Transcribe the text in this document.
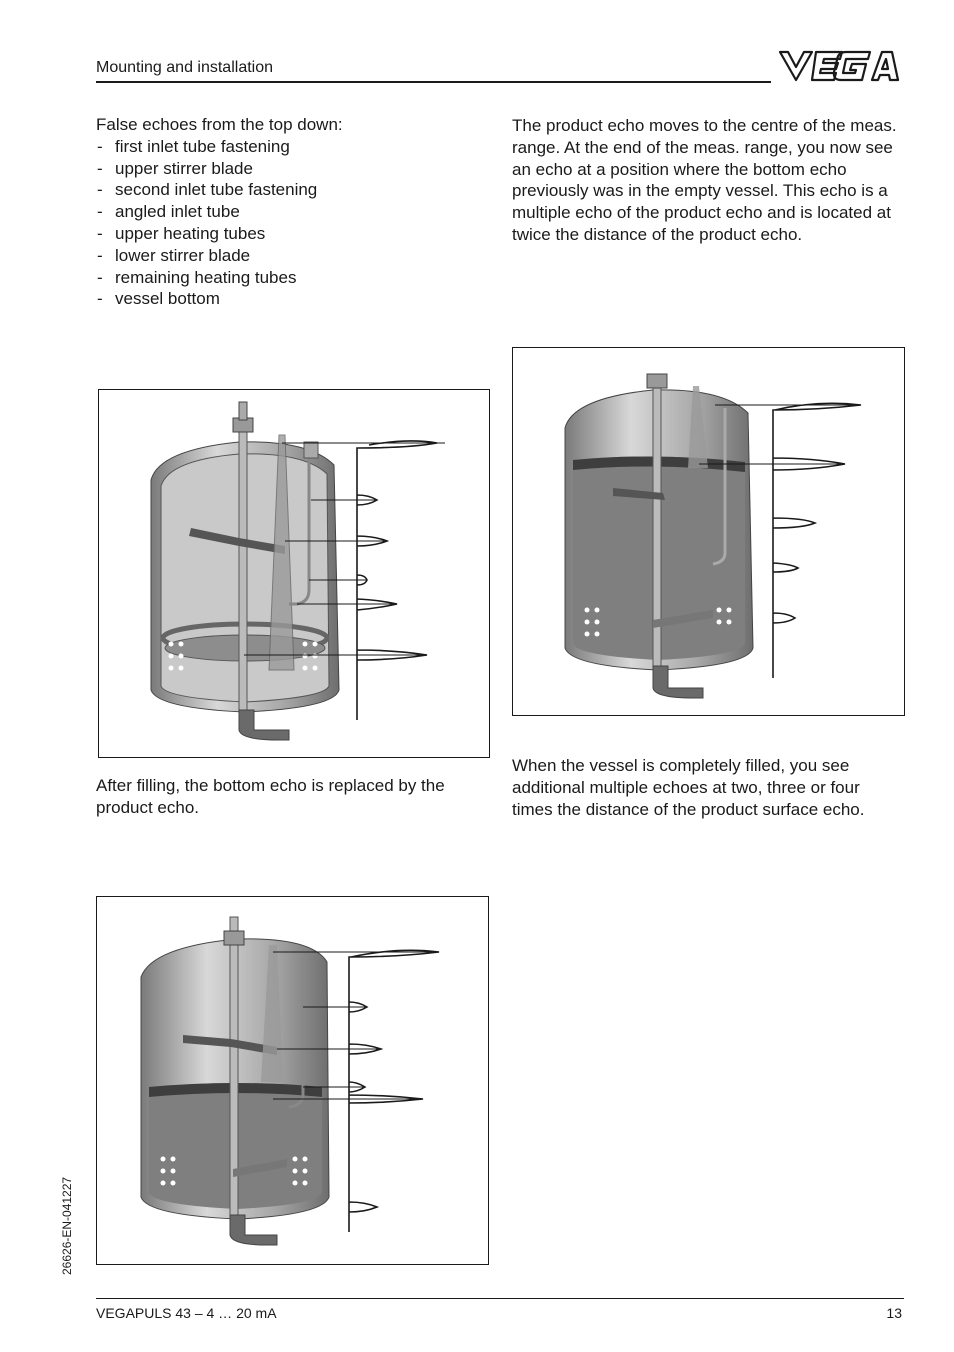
Mounting and installation

False echoes from the top down:

- first inlet tube fastening
- upper stirrer blade
- second inlet tube fastening
- angled inlet tube
- upper heating tubes
- lower stirrer blade
- remaining heating tubes
- vessel bottom

The product echo moves to the centre of the meas. range. At the end of the meas. range, you now see an echo at a position where the bottom echo previously was in the empty vessel. This echo is a multiple echo of the product echo and is located at twice the distance of the product echo.

After filling, the bottom echo is replaced by the product echo.

When the vessel is completely filled, you see additional multiple echoes at two, three or four times the distance of the product surface echo.

26626-EN-041227
VEGAPULS 43 – 4 … 20 mA	13
